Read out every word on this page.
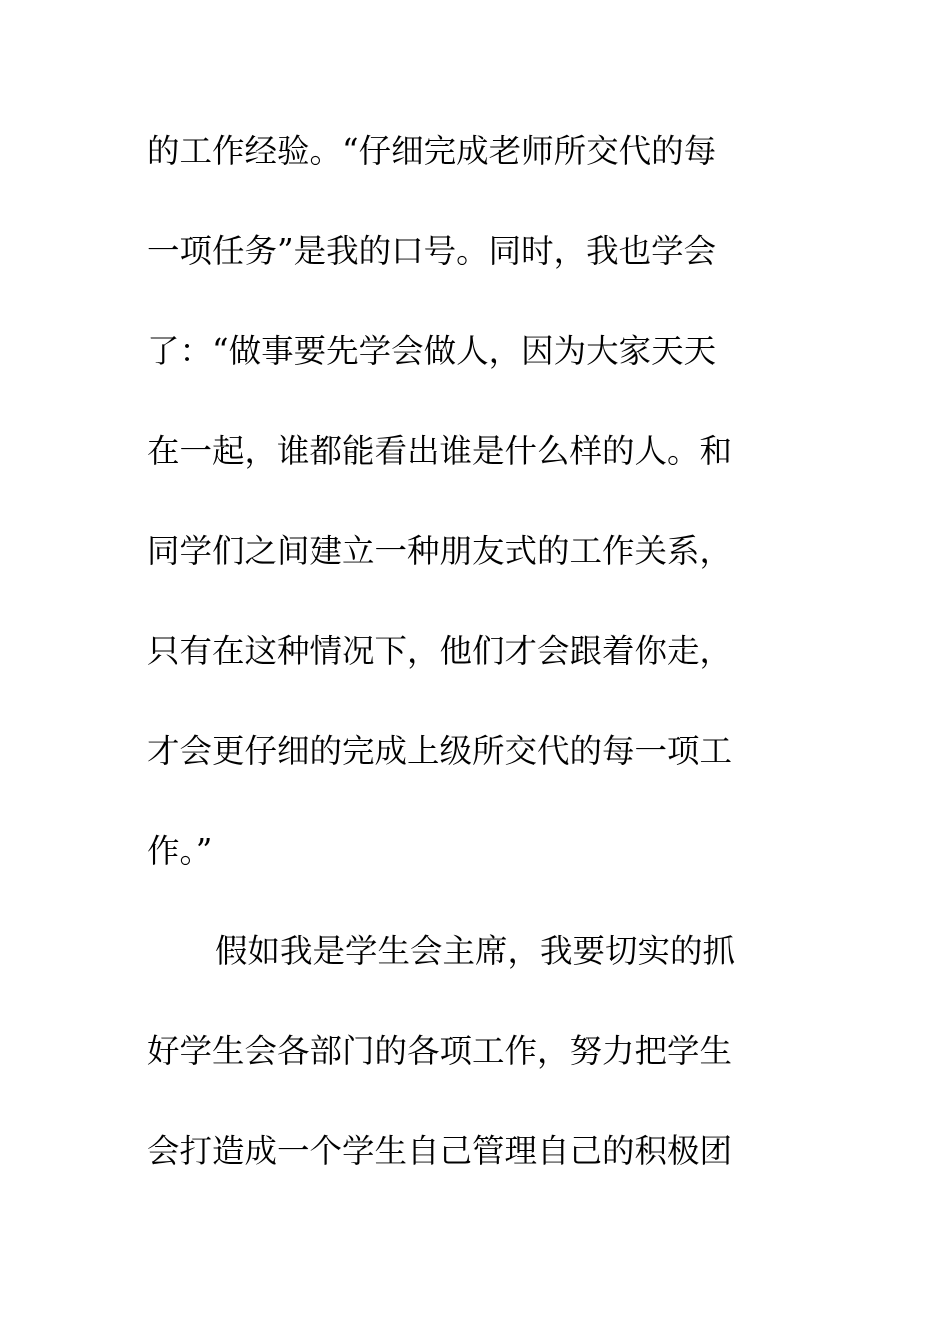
的工作经验。“仔细完成老师所交代的每
一项任务”是我的口号。同时，我也学会
了：“做事要先学会做人，因为大家天天
在一起，谁都能看出谁是什么样的人。和
同学们之间建立一种朋友式的工作关系，
只有在这种情况下，他们才会跟着你走，
才会更仔细的完成上级所交代的每一项工
作。”
假如我是学生会主席，我要切实的抓
好学生会各部门的各项工作，努力把学生
会打造成一个学生自己管理自己的积极团
